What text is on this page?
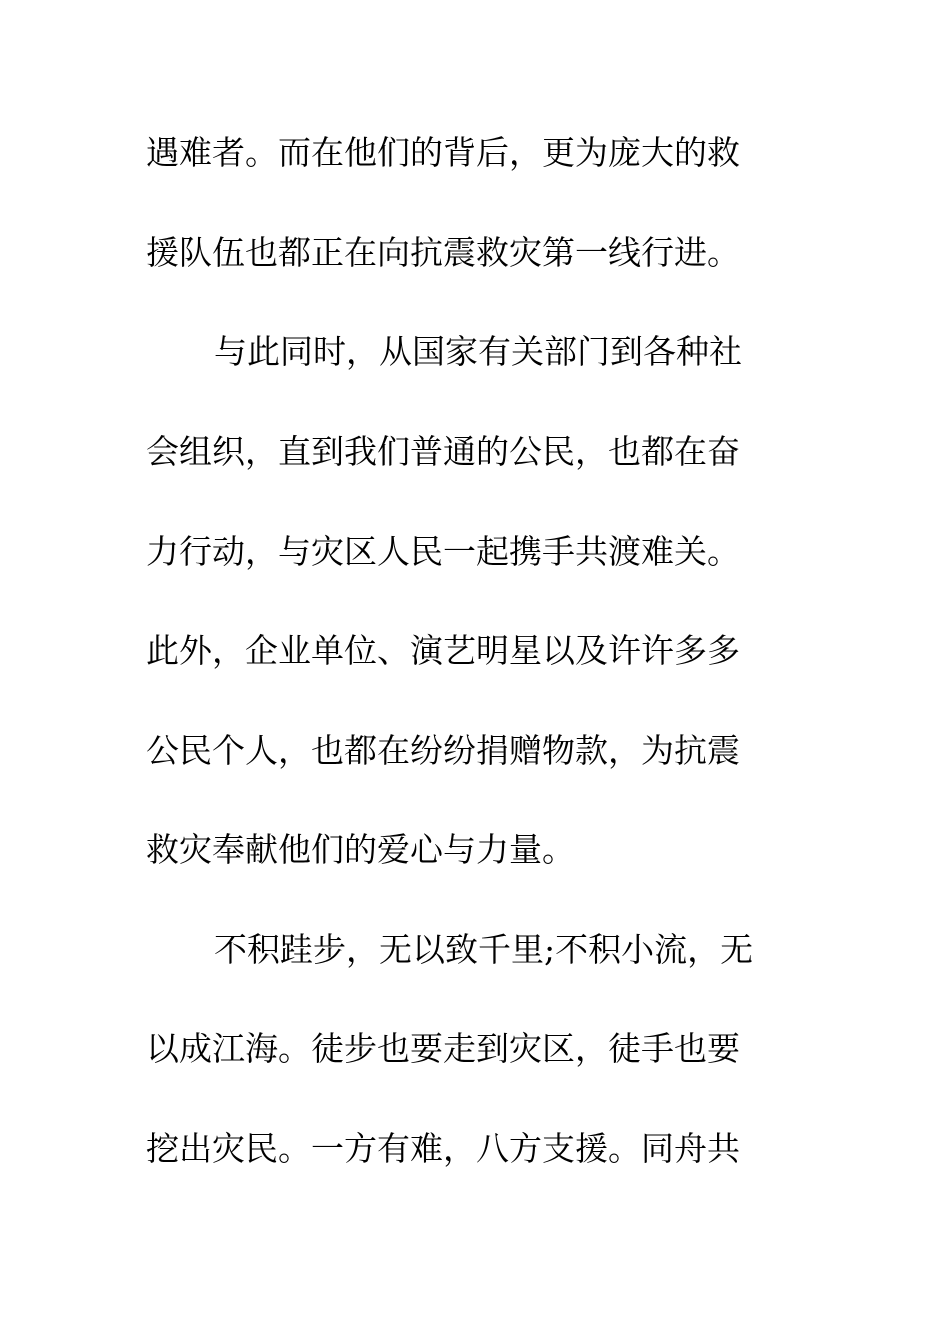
遇难者。而在他们的背后，更为庞大的救

援队伍也都正在向抗震救灾第一线行进。

与此同时，从国家有关部门到各种社

会组织，直到我们普通的公民，也都在奋

力行动，与灾区人民一起携手共渡难关。

此外，企业单位、演艺明星以及许许多多

公民个人，也都在纷纷捐赠物款，为抗震

救灾奉献他们的爱心与力量。

不积跬步，无以致千里;不积小流，无

以成江海。徒步也要走到灾区，徒手也要

挖出灾民。一方有难，八方支援。同舟共
